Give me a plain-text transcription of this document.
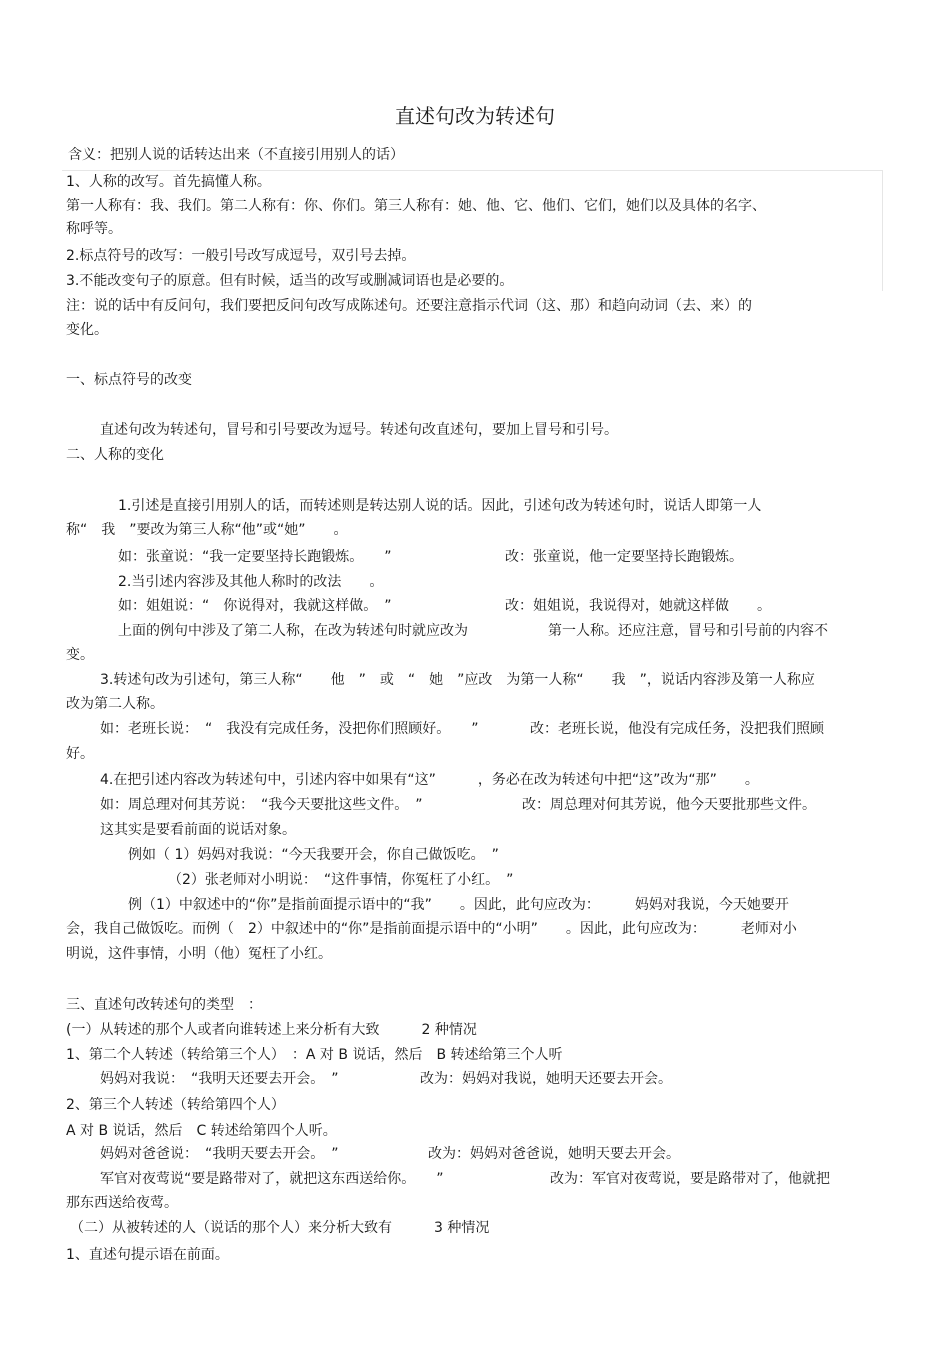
直述句改为转述句
含义：把别人说的话转达出来（不直接引用别人的话）
1、人称的改写。首先搞懂人称。
第一人称有：我、我们。第二人称有：你、你们。第三人称有：她、他、它、他们、它们，她们以及具体的名字、
称呼等。
2.标点符号的改写：一般引号改写成逗号，双引号去掉。
3.不能改变句子的原意。但有时候，适当的改写或删减词语也是必要的。
注：说的话中有反问句，我们要把反问句改写成陈述句。还要注意指示代词（这、那）和趋向动词（去、来）的
变化。
一、标点符号的改变
直述句改为转述句，冒号和引号要改为逗号。转述句改直述句，要加上冒号和引号。
二、人称的变化
1.引述是直接引用别人的话，而转述则是转达别人说的话。因此，引述句改为转述句时，说话人即第一人
称“　我　”要改为第三人称“他”或“她”　　。
如：张童说：“我一定要坚持长跑锻炼。　　”	改：张童说，他一定要坚持长跑锻炼。
2.当引述内容涉及其他人称时的改法　　。
如：姐姐说：“　你说得对，我就这样做。　”	改：姐姐说，我说得对，她就这样做　　。
上面的例句中涉及了第二人称，在改为转述句时就应改为	第一人称。还应注意，冒号和引号前的内容不
变。
3.转述句改为引述句，第三人称“　　他　”　或　“　她　”应改　为第一人称“　　我　”，说话内容涉及第一人称应
改为第二人称。
如：老班长说：　“　我没有完成任务，没把你们照顾好。　　”	改：老班长说，他没有完成任务，没把我们照顾
好。
4.在把引述内容改为转述句中，引述内容中如果有“这”　　　，务必在改为转述句中把“这”改为“那”　　。
如：周总理对何其芳说：　“我今天要批这些文件。　”	改：周总理对何其芳说，他今天要批那些文件。
这其实是要看前面的说话对象。
例如（ 1）妈妈对我说：“今天我要开会，你自己做饭吃。　”
（2）张老师对小明说：　“这件事情，你冤枉了小红。　”
例（1）中叙述中的“你”是指前面提示语中的“我”　　。因此，此句应改为：　　　妈妈对我说，今天她要开
会，我自己做饭吃。而例（　2）中叙述中的“你”是指前面提示语中的“小明”　　。因此，此句应改为：　　　老师对小
明说，这件事情，小明（他）冤枉了小红。
三、直述句改转述句的类型　：
(一）从转述的那个人或者向谁转述上来分析有大致　　　2 种情况
1、第二个人转述（转给第三个人）　：A 对 B 说话，然后　B 转述给第三个人听
妈妈对我说：　“我明天还要去开会。　”	改为：妈妈对我说，她明天还要去开会。
2、第三个人转述（转给第四个人）
A 对 B 说话，然后　C 转述给第四个人听。
妈妈对爸爸说：　“我明天要去开会。　”	改为：妈妈对爸爸说，她明天要去开会。
军官对夜莺说“要是路带对了，就把这东西送给你。　　”	改为：军官对夜莺说，要是路带对了，他就把
那东西送给夜莺。
（二）从被转述的人（说话的那个人）来分析大致有　　　3 种情况
1、直述句提示语在前面。
